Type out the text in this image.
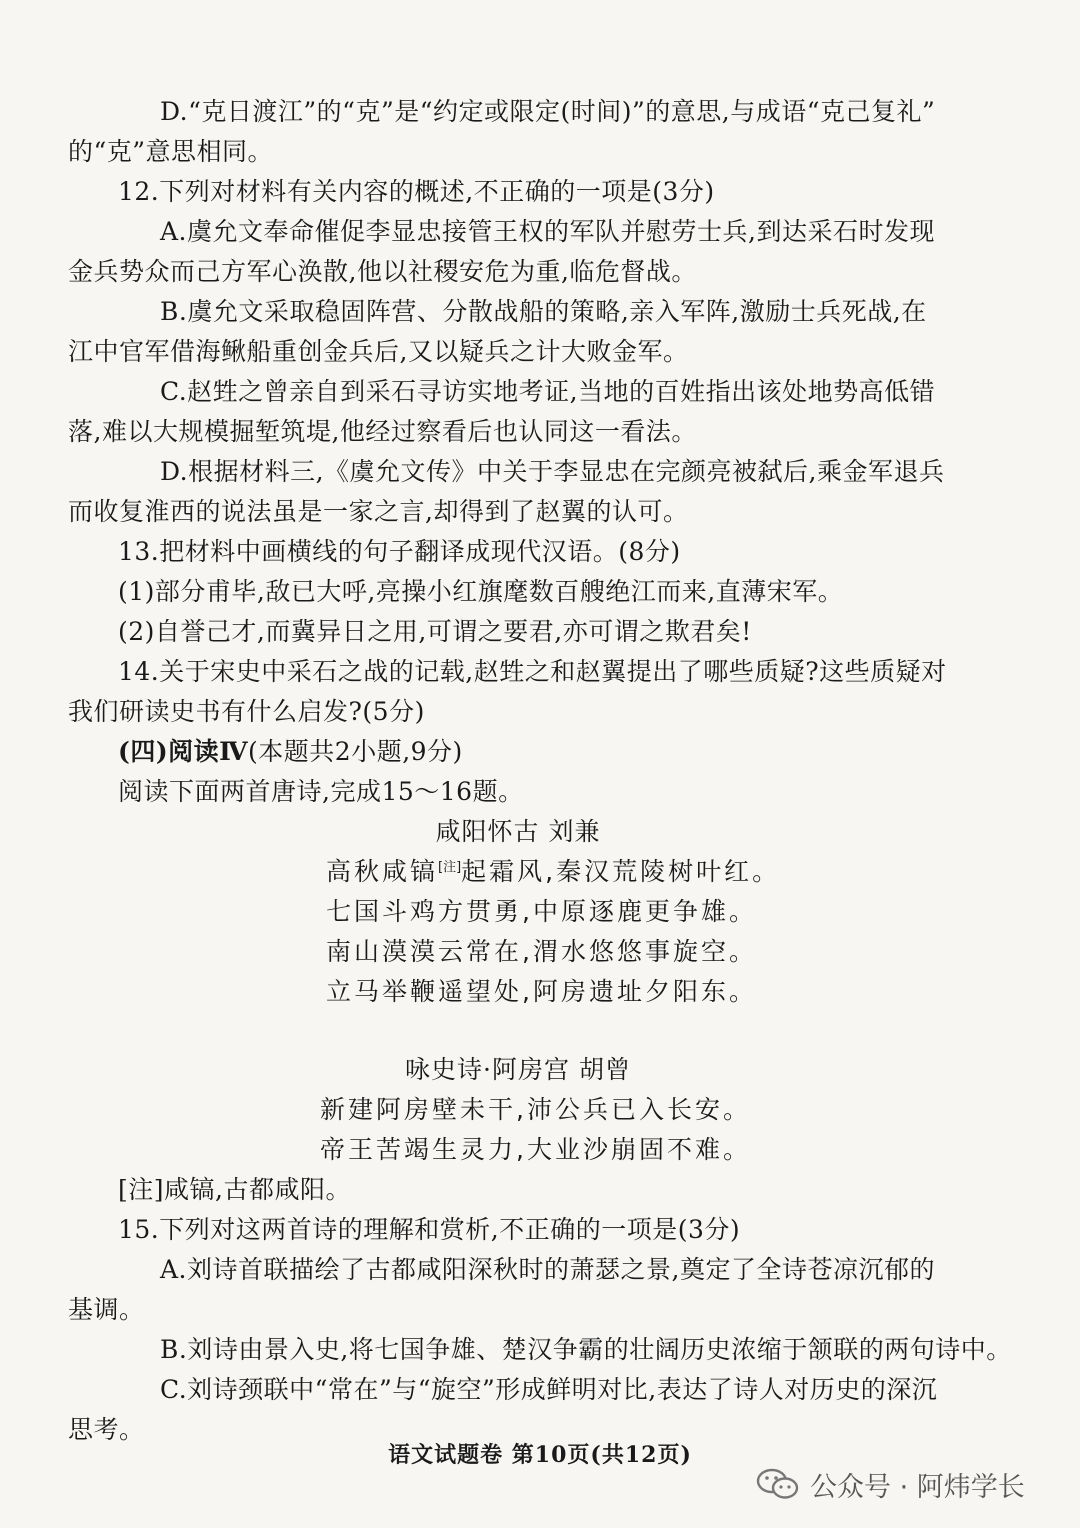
D.“克日渡江”的“克”是“约定或限定(时间)”的意思,与成语“克己复礼”
的“克”意思相同。
12.下列对材料有关内容的概述,不正确的一项是(3分)
A.虞允文奉命催促李显忠接管王权的军队并慰劳士兵,到达采石时发现
金兵势众而己方军心涣散,他以社稷安危为重,临危督战。
B.虞允文采取稳固阵营、分散战船的策略,亲入军阵,激励士兵死战,在
江中官军借海鳅船重创金兵后,又以疑兵之计大败金军。
C.赵甡之曾亲自到采石寻访实地考证,当地的百姓指出该处地势高低错
落,难以大规模掘堑筑堤,他经过察看后也认同这一看法。
D.根据材料三,《虞允文传》中关于李显忠在完颜亮被弑后,乘金军退兵
而收复淮西的说法虽是一家之言,却得到了赵翼的认可。
13.把材料中画横线的句子翻译成现代汉语。(8分)
(1)部分甫毕,敌已大呼,亮操小红旗麾数百艘绝江而来,直薄宋军。
(2)自誉己才,而冀异日之用,可谓之要君,亦可谓之欺君矣!
14.关于宋史中采石之战的记载,赵甡之和赵翼提出了哪些质疑?这些质疑对
我们研读史书有什么启发?(5分)
(四)阅读Ⅳ(本题共2小题,9分)
阅读下面两首唐诗,完成15～16题。
咸阳怀古 刘兼
高秋咸镐[注]起霜风,秦汉荒陵树叶红。
七国斗鸡方贯勇,中原逐鹿更争雄。
南山漠漠云常在,渭水悠悠事旋空。
立马举鞭遥望处,阿房遗址夕阳东。
咏史诗·阿房宫 胡曾
新建阿房壁未干,沛公兵已入长安。
帝王苦竭生灵力,大业沙崩固不难。
[注]咸镐,古都咸阳。
15.下列对这两首诗的理解和赏析,不正确的一项是(3分)
A.刘诗首联描绘了古都咸阳深秋时的萧瑟之景,奠定了全诗苍凉沉郁的
基调。
B.刘诗由景入史,将七国争雄、楚汉争霸的壮阔历史浓缩于颔联的两句诗中。
C.刘诗颈联中“常在”与“旋空”形成鲜明对比,表达了诗人对历史的深沉
思考。
语文试题卷 第10页(共12页)
公众号 · 阿炜学长
